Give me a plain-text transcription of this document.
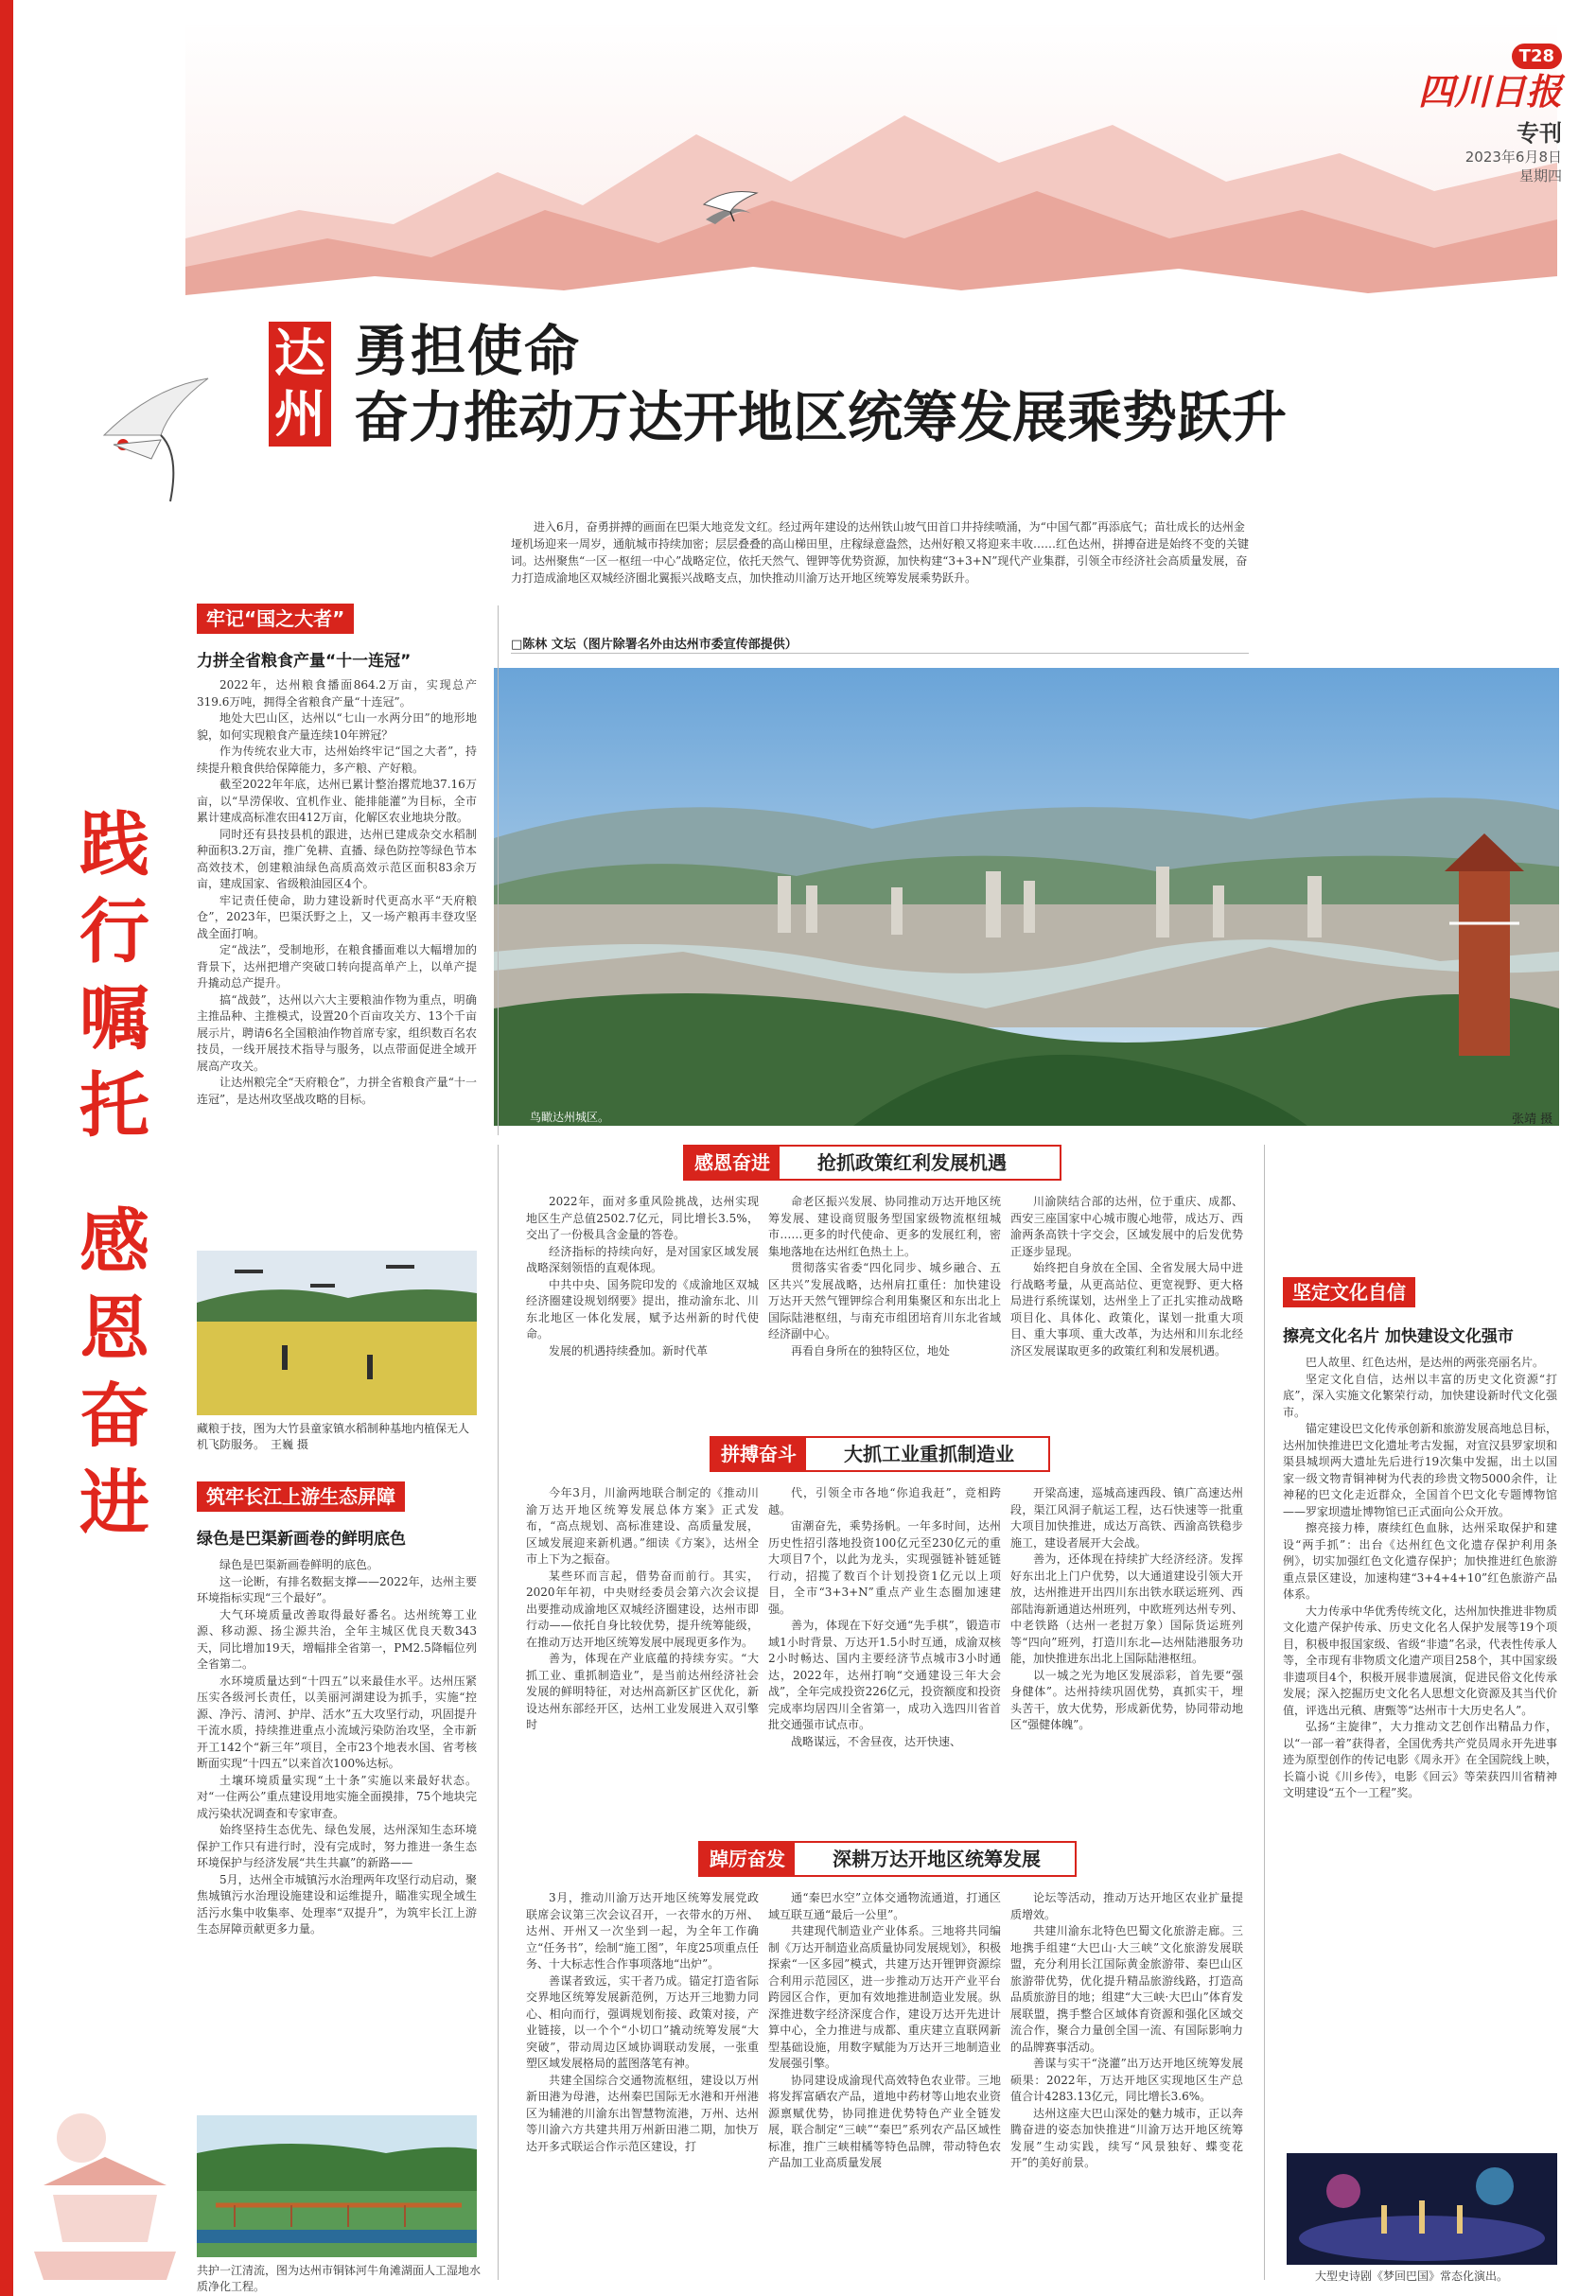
践
行
嘱
托
感
恩
奋
进
T28
四川日报
专刊
2023年6月8日
星期四
达州
勇担使命
奋力推动万达开地区统筹发展乘势跃升
进入6月，奋勇拼搏的画面在巴渠大地竞发文红。经过两年建设的达州铁山坡气田首口井持续喷涌，为“中国气都”再添底气；苗壮成长的达州金垭机场迎来一周岁，通航城市持续加密；层层叠叠的高山梯田里，庄稼绿意盎然，达州好粮又将迎来丰收……红色达州，拼搏奋进是始终不变的关键词。达州聚焦“一区一枢纽一中心”战略定位，依托天然气、锂钾等优势资源，加快构建“3+3+N”现代产业集群，引领全市经济社会高质量发展，奋力打造成渝地区双城经济圈北翼振兴战略支点，加快推动川渝万达开地区统筹发展乘势跃升。
□陈林 文坛（图片除署名外由达州市委宣传部提供）
鸟瞰达州城区。	张靖 摄
牢记“国之大者”
力拼全省粮食产量“十一连冠”

2022年，达州粮食播面864.2万亩，实现总产319.6万吨，拥得全省粮食产量“十连冠”。

地处大巴山区，达州以“七山一水两分田”的地形地貌，如何实现粮食产量连续10年辨冠？

作为传统农业大市，达州始终牢记“国之大者”，持续提升粮食供给保障能力，多产粮、产好粮。

截至2022年年底，达州已累计整治撂荒地37.16万亩，以“旱涝保收、宜机作业、能排能灌”为目标，全市累计建成高标准农田412万亩，化解区农业地块分散。

同时还有县技县机的跟进，达州已建成杂交水稻制种面积3.2万亩，推广免耕、直播、绿色防控等绿色节本高效技术，创建粮油绿色高质高效示范区面积83余万亩，建成国家、省级粮油园区4个。

牢记责任使命，助力建设新时代更高水平“天府粮仓”，2023年，巴渠沃野之上，又一场产粮再丰登攻坚战全面打响。

定“战法”，受制地形，在粮食播面难以大幅增加的背景下，达州把增产突破口转向提高单产上，以单产提升撬动总产提升。

搞“战鼓”，达州以六大主要粮油作物为重点，明确主推品种、主推模式，设置20个百亩攻关方、13个千亩展示片，聘请6名全国粮油作物首席专家，组织数百名农技员，一线开展技术指导与服务，以点带面促进全域开展高产攻关。

让达州粮完全“天府粮仓”，力拼全省粮食产量“十一连冠”，是达州攻坚战攻略的目标。

藏粮于技，图为大竹县童家镇水稻制种基地内植保无人机飞防服务。　 王巍 摄
筑牢长江上游生态屏障
绿色是巴渠新画卷的鲜明底色

绿色是巴渠新画卷鲜明的底色。

这一论断，有排名数据支撑——2022年，达州主要环境指标实现“三个最好”。

大气环境质量改善取得最好番名。达州统筹工业源、移动源、扬尘源共治，全年主城区优良天数343天，同比增加19天，增幅排全省第一，PM2.5降幅位列全省第二。

水环境质量达到“十四五”以来最佳水平。达州压紧压实各级河长责任，以美丽河湖建设为抓手，实施“控源、净污、清河、护岸、活水”五大攻坚行动，巩固提升干流水质，持续推进重点小流域污染防治攻坚，全市新开工142个“新三年”项目，全市23个地表水国、省考核断面实现“十四五”以来首次100%达标。

土壤环境质量实现“土十条”实施以来最好状态。对“一住两公”重点建设用地实施全面摸排，75个地块完成污染状况调查和专家审查。

始终坚持生态优先、绿色发展，达州深知生态环境保护工作只有进行时，没有完成时，努力推进一条生态环境保护与经济发展“共生共赢”的新路——

5月，达州全市城镇污水治理两年攻坚行动启动，聚焦城镇污水治理设施建设和运维提升，瞄准实现全域生活污水集中收集率、处理率“双提升”，为筑牢长江上游生态屏障贡献更多力量。

共护一江清流，图为达州市铜钵河牛角滩湖面人工湿地水质净化工程。
感恩奋进	抢抓政策红利发展机遇

2022年，面对多重风险挑战，达州实现地区生产总值2502.7亿元，同比增长3.5%，交出了一份极具含金量的答卷。

经济指标的持续向好，是对国家区域发展战略深刻领悟的直观体现。

中共中央、国务院印发的《成渝地区双城经济圈建设规划纲要》提出，推动渝东北、川东北地区一体化发展，赋予达州新的时代使命。

发展的机遇持续叠加。新时代革

命老区振兴发展、协同推动万达开地区统筹发展、建设商贸服务型国家级物流枢纽城市……更多的时代使命、更多的发展红利，密集地落地在达州红色热土上。

贯彻落实省委“四化同步、城乡融合、五区共兴”发展战略，达州肩扛重任：加快建设万达开天然气锂钾综合利用集聚区和东出北上国际陆港枢纽，与南充市组团培育川东北省域经济副中心。

再看自身所在的独特区位，地处

川渝陕结合部的达州，位于重庆、成都、西安三座国家中心城市腹心地带，成达万、西渝两条高铁十字交会，区域发展中的后发优势正逐步显现。

始终把自身放在全国、全省发展大局中进行战略考量，从更高站位、更宽视野、更大格局进行系统谋划，达州坐上了正扎实推动战略项目化、具体化、政策化，谋划一批重大项目、重大事项、重大改革，为达州和川东北经济区发展谋取更多的政策红利和发展机遇。

拼搏奋斗	大抓工业重抓制造业

今年3月，川渝两地联合制定的《推动川渝万达开地区统筹发展总体方案》正式发布，“高点规划、高标准建设、高质量发展，区域发展迎来新机遇。”细读《方案》，达州全市上下为之振奋。

某些环而言起，借势奋而前行。其实，2020年年初，中央财经委员会第六次会议提出要推动成渝地区双城经济圈建设，达州市即行动——依托自身比较优势，提升统筹能级，在推动万达开地区统筹发展中展现更多作为。

善为，体现在产业底蕴的持续夯实。“大抓工业、重抓制造业”，是当前达州经济社会发展的鲜明特征，对达州高新区扩区优化，新设达州东部经开区，达州工业发展进入双引擎时

代，引领全市各地“你追我赶”，竞相跨越。

宙潮奋先，乘势扬帆。一年多时间，达州历史性招引落地投资100亿元至230亿元的重大项目7个，以此为龙头，实现强链补链延链行动，招揽了数百个计划投资1亿元以上项目，全市“3+3+N”重点产业生态圈加速建强。

善为，体现在下好交通“先手棋”，锻造市域1小时背景、万达开1.5小时互通，成渝双核2小时畅达、国内主要经济节点城市3小时通达，2022年，达州打响“交通建设三年大会战”，全年完成投资226亿元，投资额度和投资完成率均居四川全省第一，成功入选四川省首批交通强市试点市。

战略谋远，不舍昼夜，达开快速、

开梁高速，巡城高速西段、镇广高速达州段，渠江风洞子航运工程，达石快速等一批重大项目加快推进，成达万高铁、西渝高铁稳步施工，建设者展开大会战。

善为，还体现在持续扩大经济经济。发挥好东出北上门户优势，以大通道建设引领大开放，达州推进开出四川东出铁水联运班列、西部陆海新通道达州班列，中欧班列达州专列、中老铁路（达州一老挝万象）国际货运班列等“四向”班列，打造川东北—达州陆港服务功能，加快推进东出北上国际陆港枢纽。

以一城之光为地区发展添彩，首先要“强身健体”。达州持续巩固优势，真抓实干，埋头苦干，放大优势，形成新优势，协同带动地区“强健体魄”。

踔厉奋发	深耕万达开地区统筹发展

3月，推动川渝万达开地区统筹发展党政联席会议第三次会议召开，一衣带水的万州、达州、开州又一次坐到一起，为全年工作确立“任务书”，绘制“施工图”，年度25项重点任务、十大标志性合作事项落地“出炉”。

善谋者致远，实干者乃成。锚定打造省际交界地区统筹发展新范例，万达开三地勠力同心、相向而行，强调规划衔接、政策对接，产业链接，以一个个“小切口”撬动统筹发展“大突破”，带动周边区域协调联动发展，一张重塑区域发展格局的蓝图落笔有神。

共建全国综合交通物流枢纽，建设以万州新田港为母港，达州秦巴国际无水港和开州港区为辅港的川渝东出智慧物流港，万州、达州等川渝六方共建共用万州新田港二期，加快万达开多式联运合作示范区建设，打

通“秦巴水空”立体交通物流通道，打通区域互联互通“最后一公里”。

共建现代制造业产业体系。三地将共同编制《万达开制造业高质量协同发展规划》，积极探索“一区多园”模式，共建万达开锂钾资源综合利用示范园区，进一步推动万达开产业平台跨园区合作，更加有效地推进制造业发展。纵深推进数字经济深度合作，建设万达开先进计算中心，全力推进与成都、重庆建立直联网新型基础设施，用数字赋能为万达开三地制造业发展强引擎。

协同建设成渝现代高效特色农业带。三地将发挥富硒农产品，道地中药材等山地农业资源禀赋优势，协同推进优势特色产业全链发展，联合制定“三峡”“秦巴”系列农产品区域性标准，推广三峡柑橘等特色品牌，带动特色农产品加工业高质量发展

论坛等活动，推动万达开地区农业扩量提质增效。

共建川渝东北特色巴蜀文化旅游走廊。三地携手组建“大巴山·大三峡”文化旅游发展联盟，充分利用长江国际黄金旅游带、秦巴山区旅游带优势，优化提升精品旅游线路，打造高品质旅游目的地；组建“大三峡·大巴山”体育发展联盟，携手整合区域体育资源和强化区域交流合作，聚合力量创全国一流、有国际影响力的品牌赛事活动。

善谋与实干“浇灌”出万达开地区统筹发展硕果：2022年，万达开地区实现地区生产总值合计4283.13亿元，同比增长3.6%。

达州这座大巴山深处的魅力城市，正以奔腾奋进的姿态加快推进“川渝万达开地区统筹发展”生动实践，续写“风景独好、蝶变花开”的美好前景。

坚定文化自信
擦亮文化名片 加快建设文化强市

巴人故里、红色达州，是达州的两张亮丽名片。

坚定文化自信，达州以丰富的历史文化资源“打底”，深入实施文化繁荣行动，加快建设新时代文化强市。

锚定建设巴文化传承创新和旅游发展高地总目标，达州加快推进巴文化遗址考古发掘，对宣汉县罗家坝和渠县城坝两大遗址先后进行19次集中发掘，出土以国家一级文物青铜神树为代表的珍贵文物5000余件，让神秘的巴文化走近群众，全国首个巴文化专题博物馆——罗家坝遗址博物馆已正式面向公众开放。

擦亮接力棒，赓续红色血脉，达州采取保护和建设“两手抓”：出台《达州红色文化遗存保护利用条例》，切实加强红色文化遗存保护；加快推进红色旅游重点景区建设，加速构建“3+4+4+10”红色旅游产品体系。

大力传承中华优秀传统文化，达州加快推进非物质文化遗产保护传承、历史文化名人保护发展等19个项目，积极申报国家级、省级“非遗”名录，代表性传承人等，全市现有非物质文化遗产项目258个，其中国家级非遗项目4个，积极开展非遗展演，促进民俗文化传承发展；深入挖掘历史文化名人思想文化资源及其当代价值，评选出元稹、唐甄等“达州市十大历史名人”。

弘扬“主旋律”，大力推动文艺创作出精品力作，以“一部一着”获得者，全国优秀共产党员周永开先进事迹为原型创作的传记电影《周永开》在全国院线上映，长篇小说《川乡传》，电影《回云》等荣获四川省精神文明建设“五个一工程”奖。

大型史诗剧《梦回巴国》常态化演出。
